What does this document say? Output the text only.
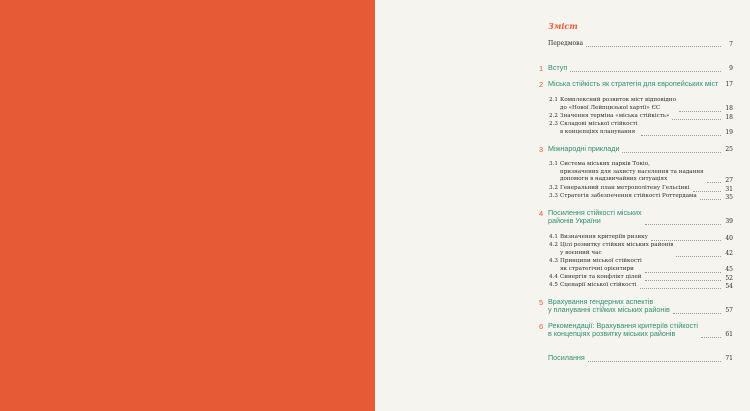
Зміст
Передмова	7
1 Вступ	9
2 Міська стійкість як стратегія для європейських міст 17
2.1 Комплексний розвиток міст відповідно
до «Нової Лейпцизької хартії» ЄС	18
2.2 Значення терміна «міська стійкість»	18
2.3 Складові міської стійкості
в концепціях планування	19
3 Міжнародні приклади	25
3.1 Система міських парків Токіо,
призначених для захисту населення та надання
допомоги в надзвичайних ситуаціях	27
3.2 Генеральний план метрополітену Гельсінкі	31
3.3 Стратегія забезпечення стійкості Роттердама	35
4 Посилення стійкості міських
районів України	39
4.1 Визначення критеріїв ризику	40
4.2 Цілі розвитку стійких міських районів
у воєнний час	42
4.3 Принципи міської стійкості
як стратегічні орієнтири	45
4.4 Синергія та конфлікт цілей	52
4.5 Сценарії міської стійкості	54
5 Врахування гендерних аспектів
у плануванні стійких міських районів	57
6 Рекомендації: Врахування критеріїв стійкості
в концепціях розвитку міських районів	61
Посилання	71
